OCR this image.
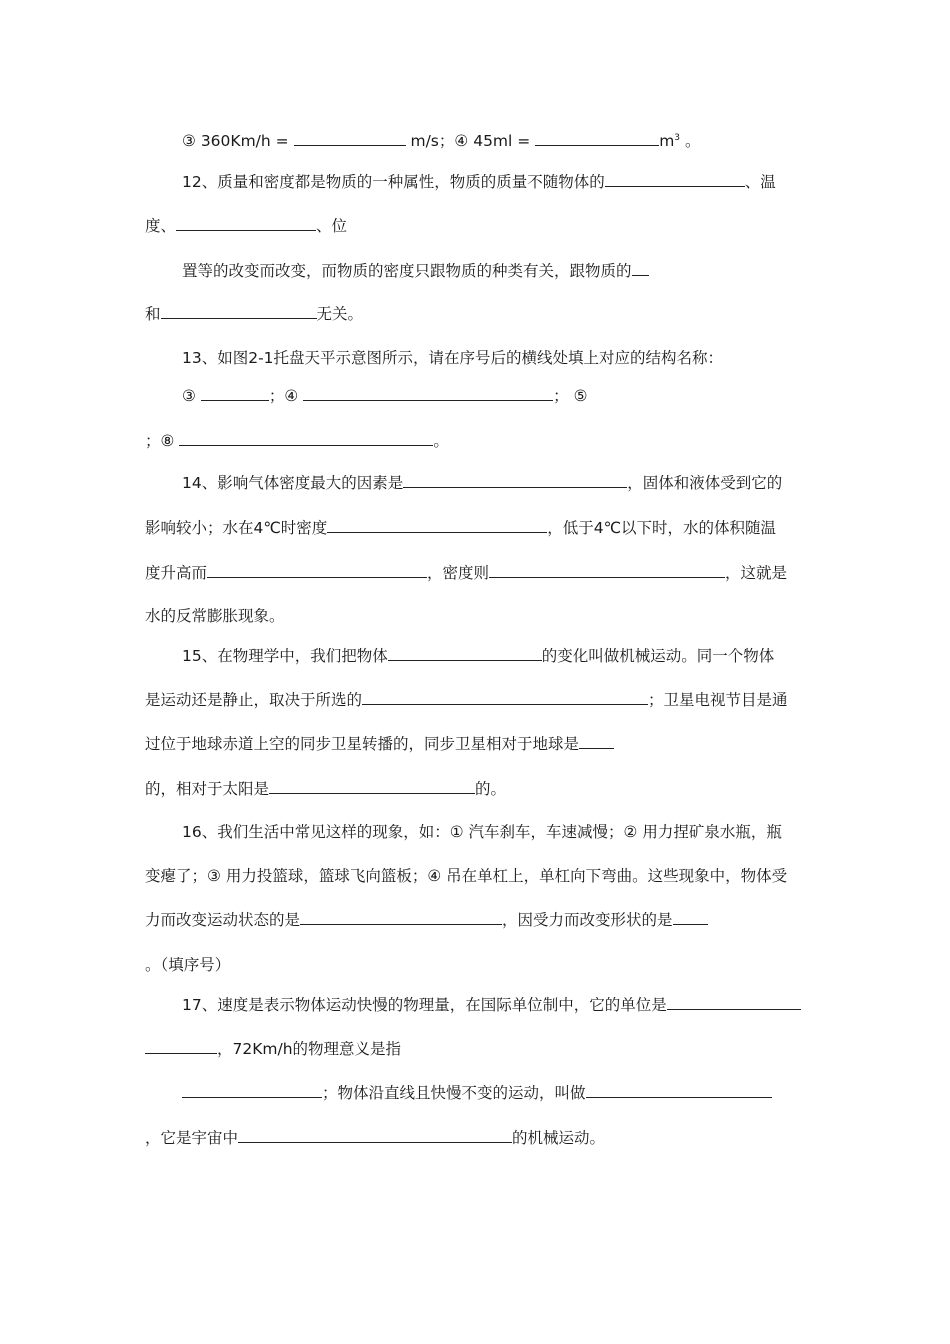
③ 360Km/h =	m/s；④ 45ml =	$m^3$ 。
12、质量和密度都是物质的一种属性，物质的质量不随物体的	、温
度、	、位
置等的改变而改变，而物质的密度只跟物质的种类有关，跟物质的
和	无关。
13、如图2-1托盘天平示意图所示，请在序号后的横线处填上对应的结构名称：
③	；④	； ⑤
；⑧	。
14、影响气体密度最大的因素是	，固体和液体受到它的
影响较小；水在4℃时密度	，低于4℃以下时，水的体积随温
度升高而	，密度则	，这就是
水的反常膨胀现象。
15、在物理学中，我们把物体	的变化叫做机械运动。同一个物体
是运动还是静止，取决于所选的	；卫星电视节目是通
过位于地球赤道上空的同步卫星转播的，同步卫星相对于地球是
的，相对于太阳是	的。
16、我们生活中常见这样的现象，如：① 汽车刹车，车速减慢；② 用力捏矿泉水瓶，瓶
变瘪了；③ 用力投篮球，篮球飞向篮板；④ 吊在单杠上，单杠向下弯曲。这些现象中，物体受
力而改变运动状态的是	，因受力而改变形状的是
。（填序号）
17、速度是表示物体运动快慢的物理量，在国际单位制中，它的单位是
，72Km/h的物理意义是指
；物体沿直线且快慢不变的运动，叫做
，它是宇宙中	的机械运动。
